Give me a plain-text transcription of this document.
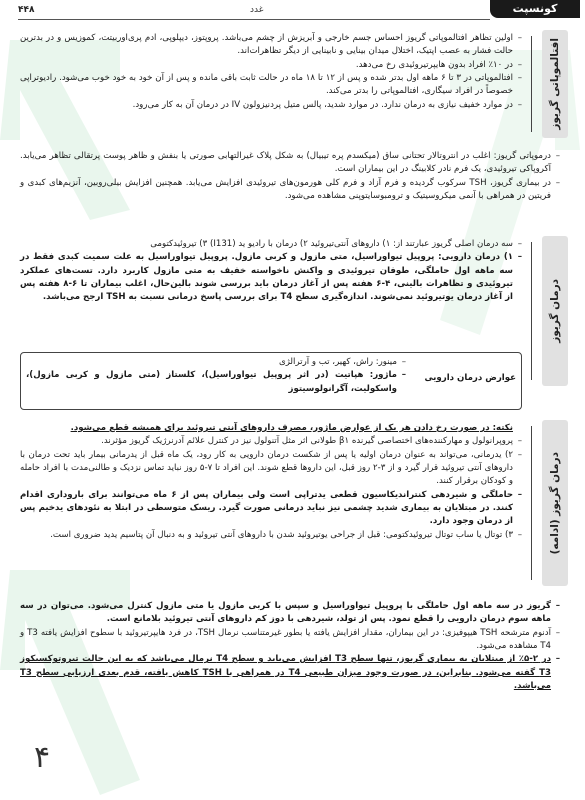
۴۴۸	غدد	کونسپت
افتالموپاتی گریوز

– اولین تظاهر افتالموپاتی گریوز احساس جسم خارجی و آبریزش از چشم می‌باشد. پروپتوز، دیپلوپی، ادم پری‌اوربیتت، کموزیس و در بدترین حالت فشار به عصب اپتیک، اختلال میدان بینایی و نابینایی از دیگر تظاهرات‌اند.

– در ۱۰٪ افراد بدون هایپرتیروئیدی رخ می‌دهد.

– افتالموپاتی در ۳ تا ۶ ماهه اول بدتر شده و پس از ۱۲ تا ۱۸ ماه در حالت ثابت باقی مانده و پس از آن خود به خود خوب می‌شود. رادیوتراپی خصوصاً در افراد سیگاری، افتالموپاتی را بدتر می‌کند.

– در موارد خفیف نیازی به درمان ندارد. در موارد شدید، پالس متیل پردنیزولون IV در درمان آن به کار می‌رود.

– درموپاتی گریوز: اغلب در انتروتالار تحتانی ساق (میکسدم پره تیبیال) به شکل پلاک غیرالتهابی صورتی یا بنفش و ظاهر پوست پرتقالی تظاهر می‌یابد. آکروپاکی تیروئیدی، یک فرم نادر کلابینگ در این بیماران است.

– در بیماری گریوز، TSH سرکوب گردیده و فرم آزاد و فرم کلی هورمون‌های تیروئیدی افزایش می‌یابد. همچنین افزایش بیلی‌روبین، آنزیم‌های کبدی و فریتین در همراهی با آنمی میکروسیتیک و ترومبوسایتوپنی مشاهده می‌شود.

درمان گریوز

– سه درمان اصلی گریوز عبارتند از: ۱) داروهای آنتی‌تیروئید ۲) درمان با رادیو ید (I131) ۳) تیروئیدکتومی

– ۱) درمان دارویی: پروپیل تیواوراسیل، متی مازول و کربی مازول. پروپیل تیواوراسیل به علت سمیت کبدی فقط در سه ماهه اول حاملگی، طوفان تیروئیدی و واکنش ناخواسته خفیف به متی مازول کاربرد دارد. تست‌های عملکرد تیروئیدی و تظاهرات بالینی، ۴-۶ هفته پس از آغاز درمان باید بررسی شوند بالین‌حال، اغلب بیماران تا ۶-۸ هفته پس از آغاز درمان یوتیروئید نمی‌شوند. اندازه‌گیری سطح T4 برای بررسی پاسخ درمانی نسبت به TSH ارجح می‌باشد.

عوارض درمان دارویی

– مینور: راش، کهیر، تب و آرترالژی

– ماژور: هپاتیت (در اثر پروپیل تیواوراسیل)، کلستاز (متی مازول و کربی مازول)، واسکولیت، آگرانولوسیتوز

درمان گریوز (ادامه)

نکته: در صورت رخ دادن هر یک از عوارض ماژور، مصرف داروهای آنتی تیروئید برای همیشه قطع می‌شود.

– پروپرانولول و مهارکننده‌های اختصاصی گیرنده β۱ طولانی اثر مثل آتنولول نیز در کنترل علائم آدرنرژیک گریوز مؤثرند.

– ۲) یدرمانی، می‌تواند به عنوان درمان اولیه یا پس از شکست درمان دارویی به کار رود، یک ماه قبل از یدرمانی بیمار باید تحت درمان با داروهای آنتی تیروئید قرار گیرد و از ۳-۲ روز قبل، این داروها قطع شوند. این افراد تا ۷-۵ روز نباید تماس نزدیک و طالنی‌مدت با افراد حامله و کودکان برقرار کنند.

– حاملگی و شیردهی کنتراندیکاسیون قطعی یدتراپی است ولی بیماران پس از ۶ ماه می‌توانند برای باروداری اقدام کنند. در مبتلایان به بیماری شدید چشمی نیز نباید درمانی صورت گیرد. ریسک متوسطی در ابتلا به نئودهای یدخیم پس از درمان وجود دارد.

– ۳) توتال یا ساب توتال تیروئیدکتومی: قبل از جراحی یوتیروئید شدن با داروهای آنتی تیروئید و به دنبال آن پتاسیم یدید ضروری است.

– گریوز در سه ماهه اول حاملگی با پروپیل تیواوراسیل و سپس با کربی مازول یا متی مازول کنترل می‌شود. می‌توان در سه ماهه سوم درمان دارویی را قطع نمود. پس از تولد، شیردهی با دوز کم داروهای آنتی تیروئید بلامانع است.

– آدنوم مترشحه TSH هیپوفیزی: در این بیماران، مقدار افزایش یافته یا بطور غیرمتناسب نرمال TSH، در فرد هایپرتیروئید با سطوح افزایش یافته T3 و T4 مشاهده می‌شود.

– در ۲-۵٪ از مبتلایان به بیماری گریوز، تنها سطح T3 افزایش می‌یابد و سطح T4 نرمال می‌باشد که به این حالت تیروتوکسیکوز T3 گفته می‌شود. بنابراین، در صورت وجود میزان طبیعی T4 در همراهی با TSH کاهش یافته، قدم بعدی ارزیابی سطح T3 می‌باشد.

۴
